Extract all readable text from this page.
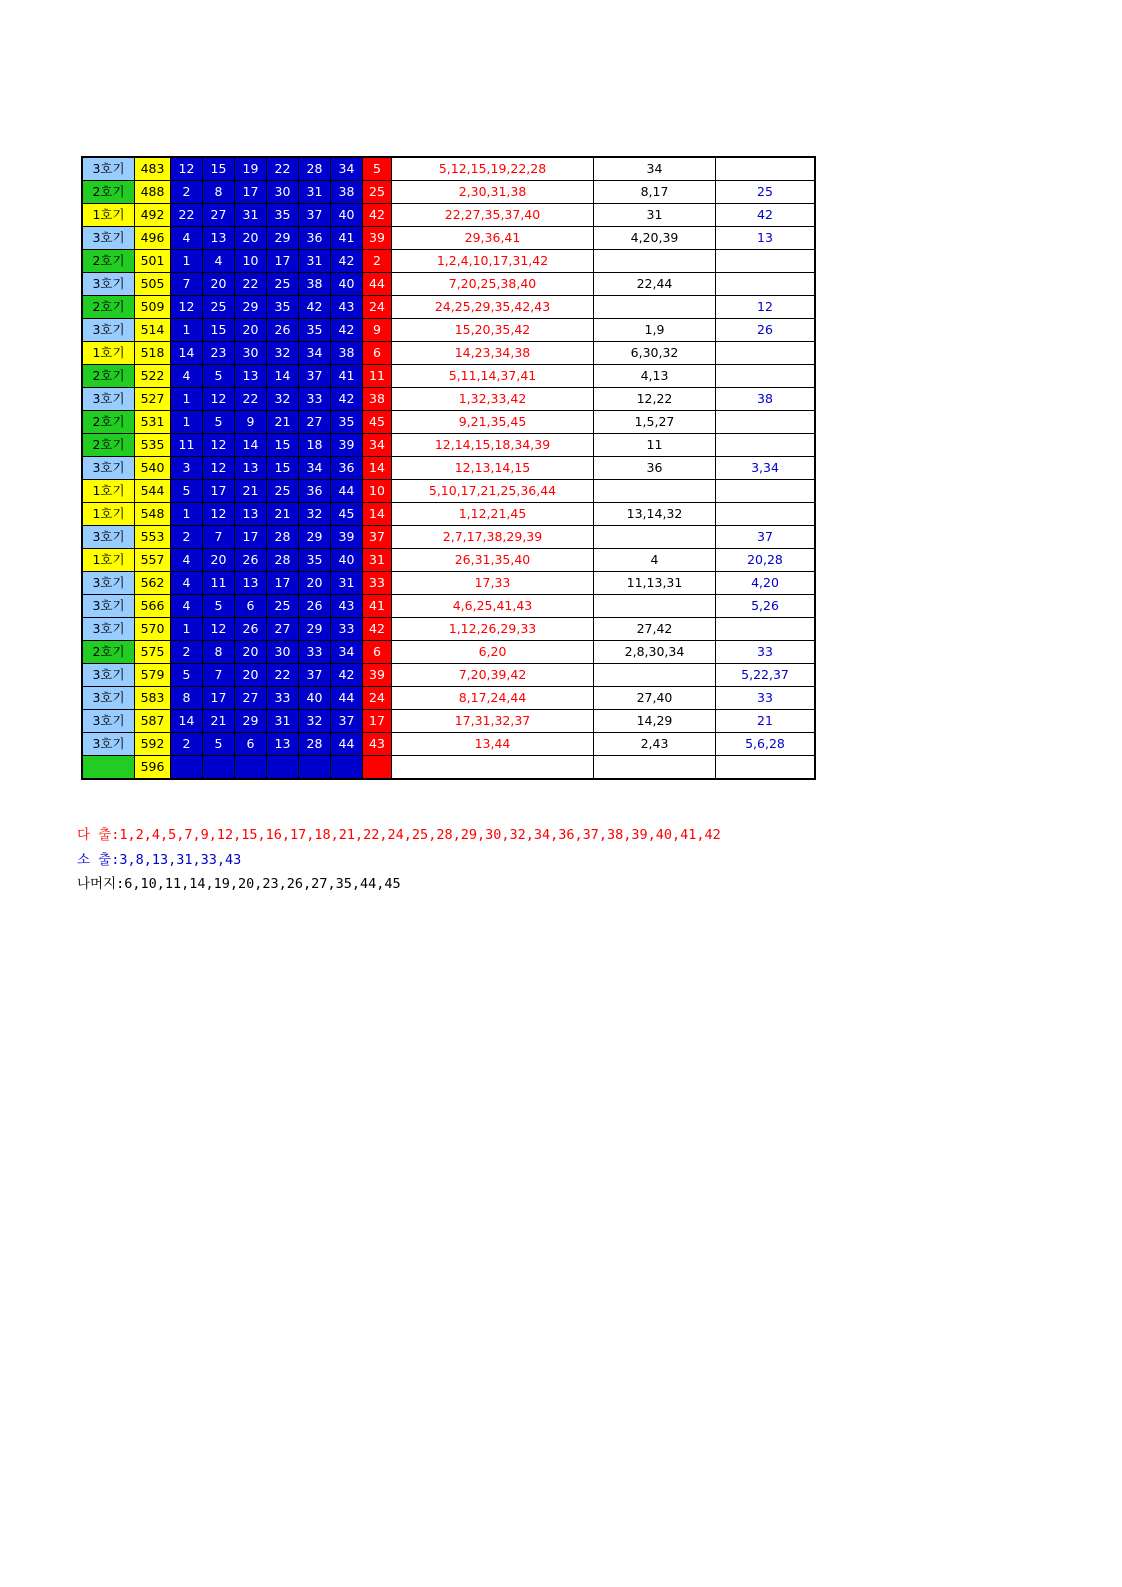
3호기	483	12	15	19	22	28	34	5	5,12,15,19,22,28	34	
2호기	488	2	8	17	30	31	38	25	2,30,31,38	8,17	25
1호기	492	22	27	31	35	37	40	42	22,27,35,37,40	31	42
3호기	496	4	13	20	29	36	41	39	29,36,41	4,20,39	13
2호기	501	1	4	10	17	31	42	2	1,2,4,10,17,31,42		
3호기	505	7	20	22	25	38	40	44	7,20,25,38,40	22,44	
2호기	509	12	25	29	35	42	43	24	24,25,29,35,42,43		12
3호기	514	1	15	20	26	35	42	9	15,20,35,42	1,9	26
1호기	518	14	23	30	32	34	38	6	14,23,34,38	6,30,32	
2호기	522	4	5	13	14	37	41	11	5,11,14,37,41	4,13	
3호기	527	1	12	22	32	33	42	38	1,32,33,42	12,22	38
2호기	531	1	5	9	21	27	35	45	9,21,35,45	1,5,27	
2호기	535	11	12	14	15	18	39	34	12,14,15,18,34,39	11	
3호기	540	3	12	13	15	34	36	14	12,13,14,15	36	3,34
1호기	544	5	17	21	25	36	44	10	5,10,17,21,25,36,44		
1호기	548	1	12	13	21	32	45	14	1,12,21,45	13,14,32	
3호기	553	2	7	17	28	29	39	37	2,7,17,38,29,39		37
1호기	557	4	20	26	28	35	40	31	26,31,35,40	4	20,28
3호기	562	4	11	13	17	20	31	33	17,33	11,13,31	4,20
3호기	566	4	5	6	25	26	43	41	4,6,25,41,43		5,26
3호기	570	1	12	26	27	29	33	42	1,12,26,29,33	27,42	
2호기	575	2	8	20	30	33	34	6	6,20	2,8,30,34	33
3호기	579	5	7	20	22	37	42	39	7,20,39,42		5,22,37
3호기	583	8	17	27	33	40	44	24	8,17,24,44	27,40	33
3호기	587	14	21	29	31	32	37	17	17,31,32,37	14,29	21
3호기	592	2	5	6	13	28	44	43	13,44	2,43	5,6,28
	596										
다 출:1,2,4,5,7,9,12,15,16,17,18,21,22,24,25,28,29,30,32,34,36,37,38,39,40,41,42
소 출:3,8,13,31,33,43
나머지:6,10,11,14,19,20,23,26,27,35,44,45
